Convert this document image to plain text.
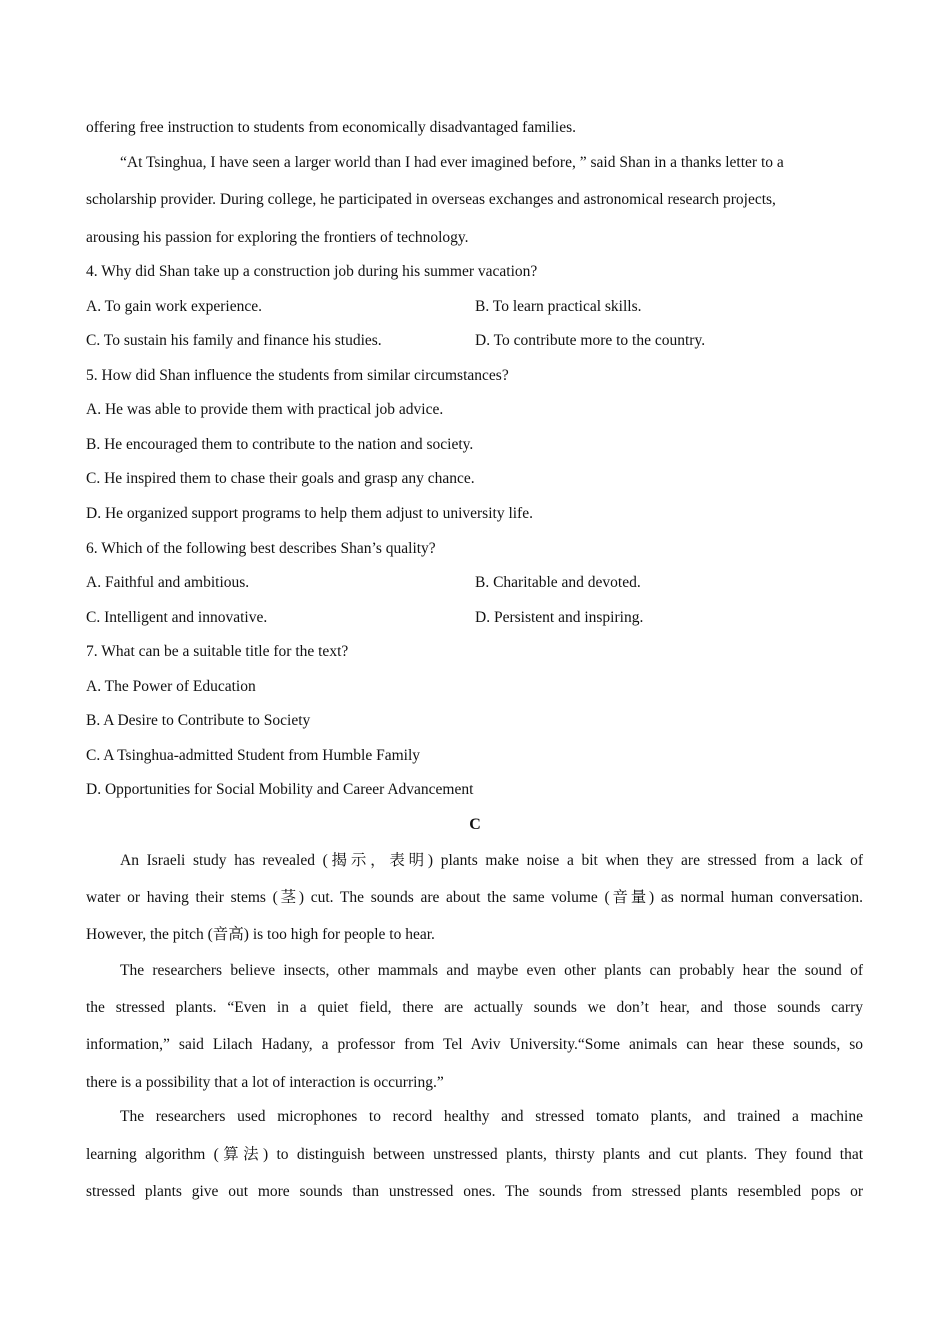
offering free instruction to students from economically disadvantaged families.

“At Tsinghua, I have seen a larger world than I had ever imagined before, ” said Shan in a thanks letter to a

scholarship provider. During college, he participated in overseas exchanges and astronomical research projects,

arousing his passion for exploring the frontiers of technology.

4. Why did Shan take up a construction job during his summer vacation?

A. To gain work experience.	B. To learn practical skills.

C. To sustain his family and finance his studies.	D. To contribute more to the country.

5. How did Shan influence the students from similar circumstances?

A. He was able to provide them with practical job advice.

B. He encouraged them to contribute to the nation and society.

C. He inspired them to chase their goals and grasp any chance.

D. He organized support programs to help them adjust to university life.

6. Which of the following best describes Shan’s quality?

A. Faithful and ambitious.	B. Charitable and devoted.

C. Intelligent and innovative.	D. Persistent and inspiring.

7. What can be a suitable title for the text?

A. The Power of Education

B. A Desire to Contribute to Society

C. A Tsinghua-admitted Student from Humble Family

D. Opportunities for Social Mobility and Career Advancement

C

An Israeli study has revealed (揭示，表明) plants make noise a bit when they are stressed from a lack of

water or having their stems (茎) cut. The sounds are about the same volume (音量) as normal human conversation.

However, the pitch (音高) is too high for people to hear.

The researchers believe insects, other mammals and maybe even other plants can probably hear the sound of

the stressed plants. “Even in a quiet field, there are actually sounds we don’t hear, and those sounds carry

information,” said Lilach Hadany, a professor from Tel Aviv University.“Some animals can hear these sounds, so

there is a possibility that a lot of interaction is occurring.”

The researchers used microphones to record healthy and stressed tomato plants, and trained a machine

learning algorithm (算法) to distinguish between unstressed plants, thirsty plants and cut plants. They found that

stressed plants give out more sounds than unstressed ones. The sounds from stressed plants resembled pops or
